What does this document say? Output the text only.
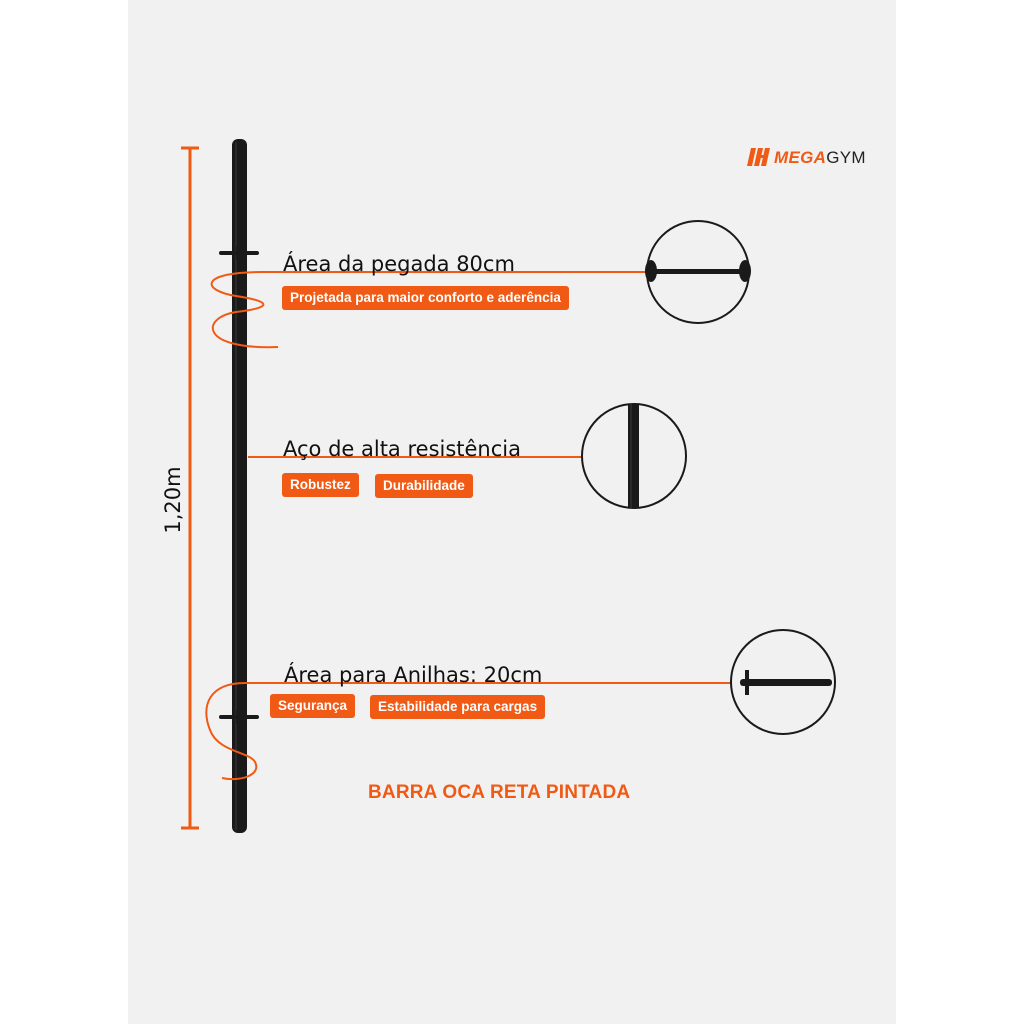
MEGAGYM
1,20m
Área da pegada 80cm
Projetada para maior conforto e aderência
Aço de alta resistência
Robustez	Durabilidade
Área para Anilhas: 20cm
Segurança	Estabilidade para cargas
BARRA OCA RETA PINTADA
